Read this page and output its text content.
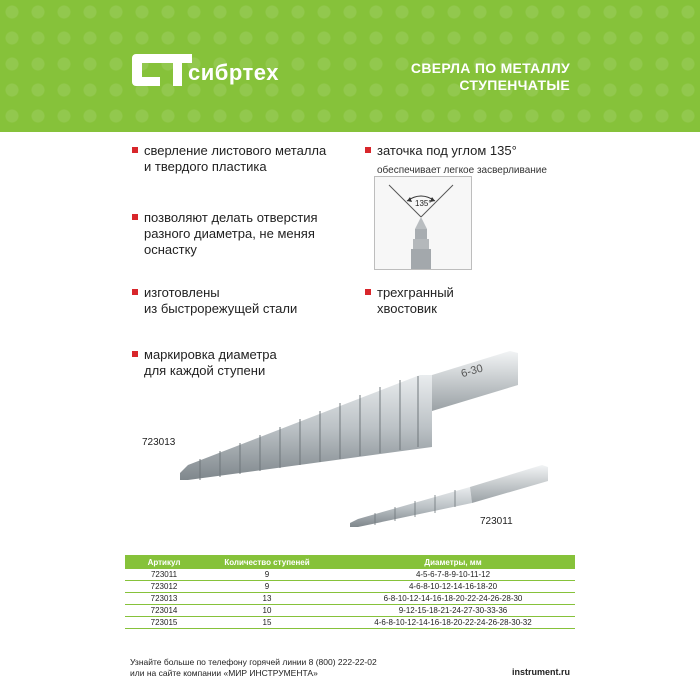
сибртех	СВЕРЛА ПО МЕТАЛЛУ
СТУПЕНЧАТЫЕ
сверление листового металла
и твердого пластика
позволяют делать отверстия
разного диаметра, не меняя
оснастку
изготовлены
из быстрорежущей стали
маркировка диаметра
для каждой ступени
заточка под углом 135°
обеспечивает легкое засверливание
135°
трехгранный
хвостовик
6-30
723013
723011
Артикул	Количество ступеней	Диаметры, мм
723011	9	4-5-6-7-8-9-10-11-12
723012	9	4-6-8-10-12-14-16-18-20
723013	13	6-8-10-12-14-16-18-20-22-24-26-28-30
723014	10	9-12-15-18-21-24-27-30-33-36
723015	15	4-6-8-10-12-14-16-18-20-22-24-26-28-30-32
Узнайте больше по телефону горячей линии 8 (800) 222-22-02
или на сайте компании «МИР ИНСТРУМЕНТА»	instrument.ru
